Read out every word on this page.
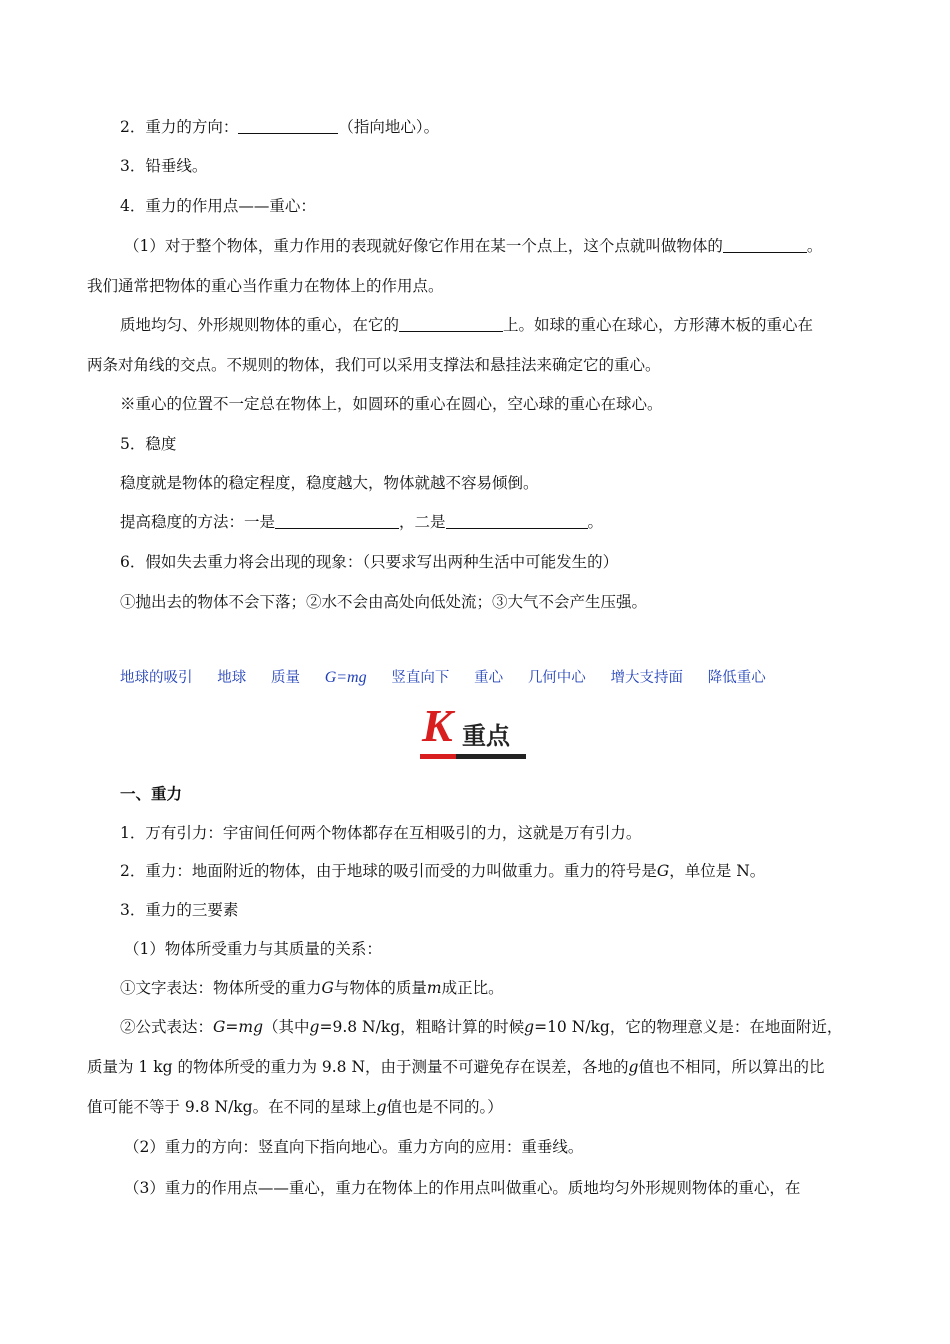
2．重力的方向：	（指向地心）。
3．铅垂线。
4．重力的作用点——重心：
（1）对于整个物体，重力作用的表现就好像它作用在某一个点上，这个点就叫做物体的	。
我们通常把物体的重心当作重力在物体上的作用点。
质地均匀、外形规则物体的重心，在它的	上。如球的重心在球心，方形薄木板的重心在
两条对角线的交点。不规则的物体，我们可以采用支撑法和悬挂法来确定它的重心。
※重心的位置不一定总在物体上，如圆环的重心在圆心，空心球的重心在球心。
5．稳度
稳度就是物体的稳定程度，稳度越大，物体就越不容易倾倒。
提高稳度的方法：一是	，二是	。
6．假如失去重力将会出现的现象：（只要求写出两种生活中可能发生的）
①抛出去的物体不会下落；②水不会由高处向低处流；③大气不会产生压强。
地球的吸引 地球 质量 G=mg 竖直向下 重心 几何中心 增大支持面 降低重心
K 重点
一、重力
1．万有引力：宇宙间任何两个物体都存在互相吸引的力，这就是万有引力。
2．重力：地面附近的物体，由于地球的吸引而受的力叫做重力。重力的符号是G，单位是 N。
3．重力的三要素
（1）物体所受重力与其质量的关系：
①文字表达：物体所受的重力G与物体的质量m成正比。
②公式表达：G=mg（其中g=9.8 N/kg，粗略计算的时候g=10 N/kg，它的物理意义是：在地面附近，
质量为 1 kg 的物体所受的重力为 9.8 N，由于测量不可避免存在误差，各地的g值也不相同，所以算出的比
值可能不等于 9.8 N/kg。在不同的星球上g值也是不同的。）
（2）重力的方向：竖直向下指向地心。重力方向的应用：重垂线。
（3）重力的作用点——重心，重力在物体上的作用点叫做重心。质地均匀外形规则物体的重心，在
